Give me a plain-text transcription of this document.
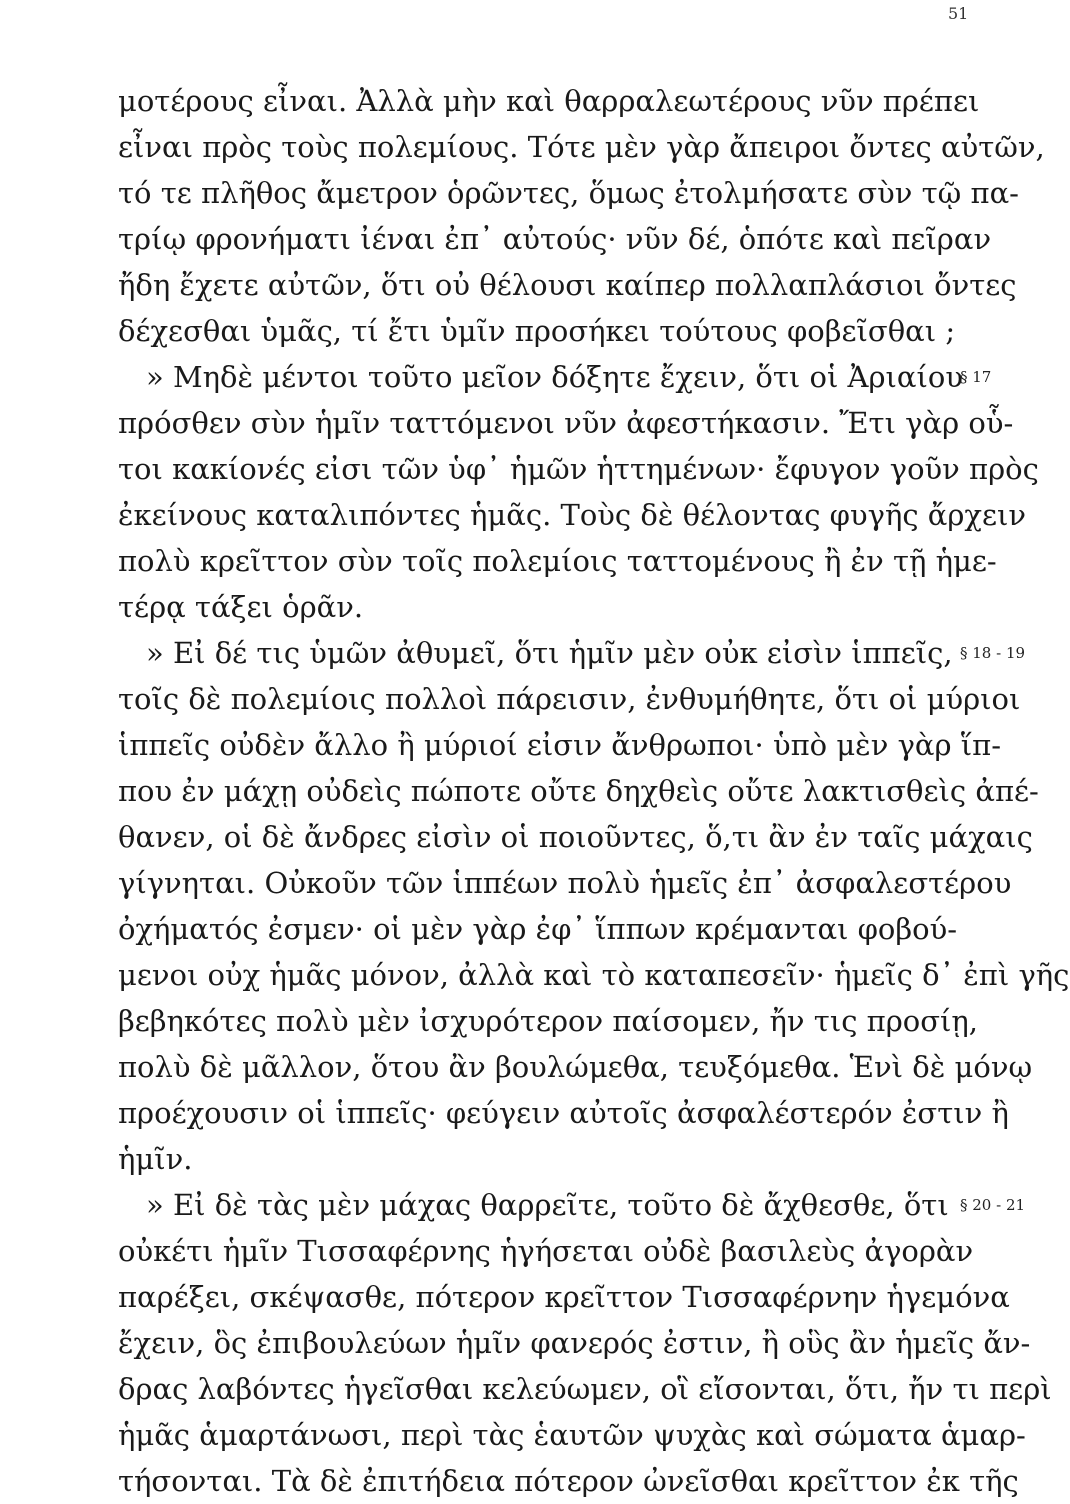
51
μοτέρους εἶναι. Ἀλλὰ μὴν καὶ θαρραλεωτέρους νῦν πρέπει
εἶναι πρὸς τοὺς πολεμίους. Τότε μὲν γὰρ ἄπειροι ὄντες αὐτῶν,
τό τε πλῆθος ἄμετρον ὁρῶντες, ὅμως ἐτολμήσατε σὺν τῷ πα-
τρίῳ φρονήματι ἰέναι ἐπ᾽ αὐτούς· νῦν δέ, ὁπότε καὶ πεῖραν
ἤδη ἔχετε αὐτῶν, ὅτι οὐ θέλουσι καίπερ πολλαπλάσιοι ὄντες
δέχεσθαι ὑμᾶς, τί ἔτι ὑμῖν προσήκει τούτους φοβεῖσθαι ;
» Μηδὲ μέντοι τοῦτο μεῖον δόξητε ἔχειν, ὅτι οἱ Ἀριαίου
§ 17
πρόσθεν σὺν ἡμῖν ταττόμενοι νῦν ἀφεστήκασιν. Ἔτι γὰρ οὗ-
τοι κακίονές εἰσι τῶν ὑφ᾽ ἡμῶν ἡττημένων· ἔφυγον γοῦν πρὸς
ἐκείνους καταλιπόντες ἡμᾶς. Τοὺς δὲ θέλοντας φυγῆς ἄρχειν
πολὺ κρεῖττον σὺν τοῖς πολεμίοις ταττομένους ἢ ἐν τῇ ἡμε-
τέρᾳ τάξει ὁρᾶν.
» Εἰ δέ τις ὑμῶν ἀθυμεῖ, ὅτι ἡμῖν μὲν οὐκ εἰσὶν ἱππεῖς, § 18 - 19
τοῖς δὲ πολεμίοις πολλοὶ πάρεισιν, ἐνθυμήθητε, ὅτι οἱ μύριοι
ἱππεῖς οὐδὲν ἄλλο ἢ μύριοί εἰσιν ἄνθρωποι· ὑπὸ μὲν γὰρ ἵπ-
που ἐν μάχῃ οὐδεὶς πώποτε οὔτε δηχθεὶς οὔτε λακτισθεὶς ἀπέ-
θανεν, οἱ δὲ ἄνδρες εἰσὶν οἱ ποιοῦντες, ὅ,τι ἂν ἐν ταῖς μάχαις
γίγνηται. Οὐκοῦν τῶν ἱππέων πολὺ ἡμεῖς ἐπ᾽ ἀσφαλεστέρου
ὀχήματός ἐσμεν· οἱ μὲν γὰρ ἐφ᾽ ἵππων κρέμανται φοβού-
μενοι οὐχ ἡμᾶς μόνον, ἀλλὰ καὶ τὸ καταπεσεῖν· ἡμεῖς δ᾽ ἐπὶ γῆς
βεβηκότες πολὺ μὲν ἰσχυρότερον παίσομεν, ἤν τις προσίῃ,
πολὺ δὲ μᾶλλον, ὅτου ἂν βουλώμεθα, τευξόμεθα. Ἑνὶ δὲ μόνῳ
προέχουσιν οἱ ἱππεῖς· φεύγειν αὐτοῖς ἀσφαλέστερόν ἐστιν ἢ
ἡμῖν.
» Εἰ δὲ τὰς μὲν μάχας θαρρεῖτε, τοῦτο δὲ ἄχθεσθε, ὅτι § 20 - 21
οὐκέτι ἡμῖν Τισσαφέρνης ἡγήσεται οὐδὲ βασιλεὺς ἀγορὰν
παρέξει, σκέψασθε, πότερον κρεῖττον Τισσαφέρνην ἡγεμόνα
ἔχειν, ὃς ἐπιβουλεύων ἡμῖν φανερός ἐστιν, ἢ οὓς ἂν ἡμεῖς ἄν-
δρας λαβόντες ἡγεῖσθαι κελεύωμεν, οἳ εἴσονται, ὅτι, ἤν τι περὶ
ἡμᾶς ἁμαρτάνωσι, περὶ τὰς ἑαυτῶν ψυχὰς καὶ σώματα ἁμαρ-
τήσονται. Τὰ δὲ ἐπιτήδεια πότερον ὠνεῖσθαι κρεῖττον ἐκ τῆς
